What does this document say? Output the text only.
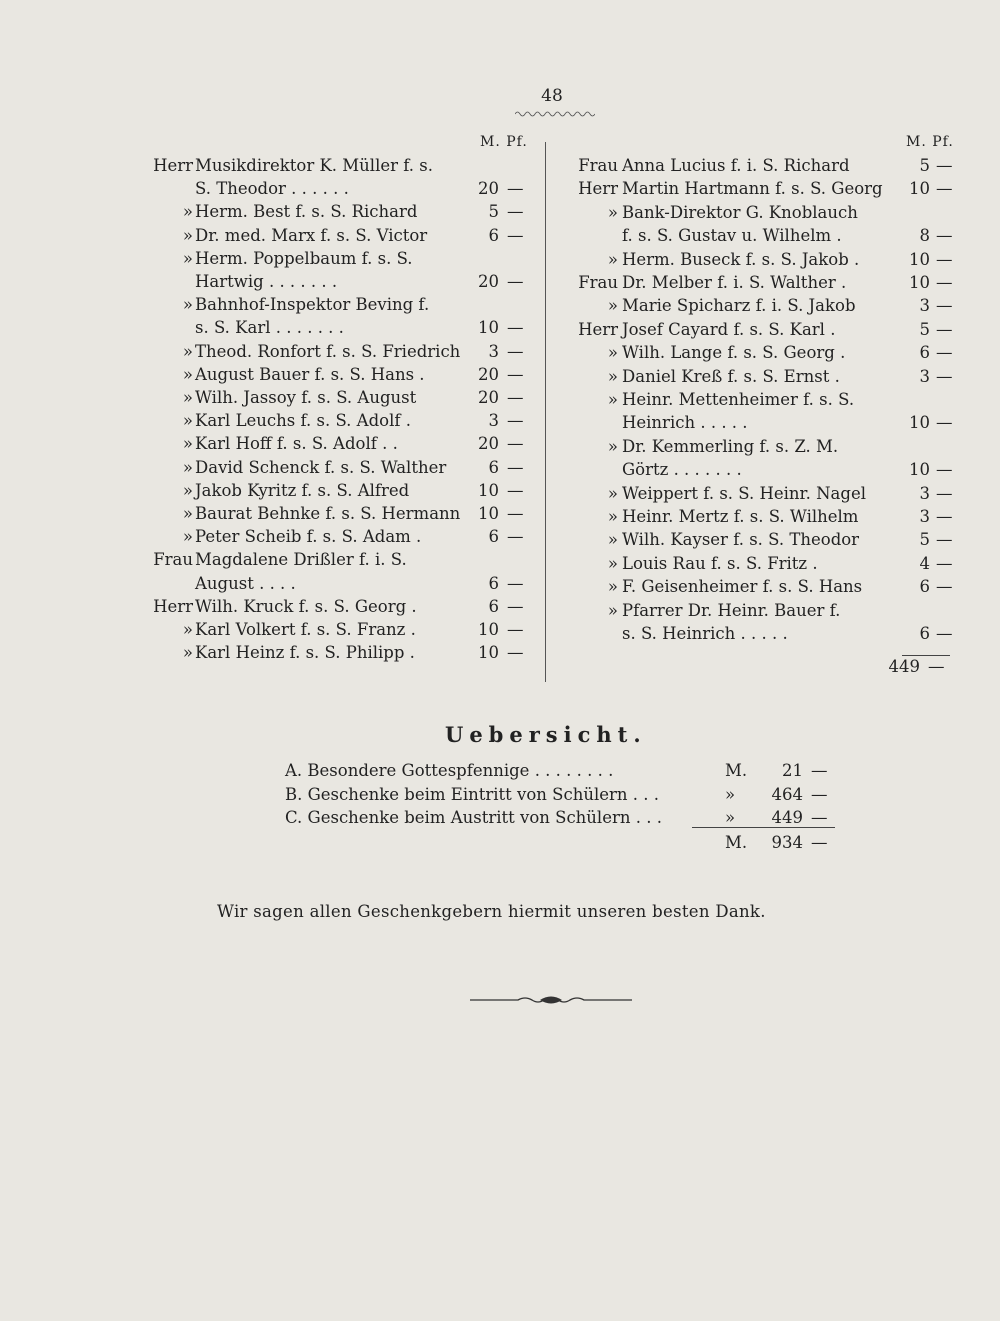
48
M. Pf.	M. Pf.
Herr Musikdirektor K. Müller f. s.
S. Theodor . . . . . .	20 —
» Herm. Best f. s. S. Richard	5 —
» Dr. med. Marx f. s. S. Victor	6 —
» Herm. Poppelbaum f. s. S.
Hartwig . . . . . . .	20 —
» Bahnhof-Inspektor Beving f.
s. S. Karl . . . . . . .	10 —
» Theod. Ronfort f. s. S. Friedrich	3 —
» August Bauer f. s. S. Hans .	20 —
» Wilh. Jassoy f. s. S. August	20 —
» Karl Leuchs f. s. S. Adolf .	3 —
» Karl Hoff f. s. S. Adolf . .	20 —
» David Schenck f. s. S. Walther	6 —
» Jakob Kyritz f. s. S. Alfred	10 —
» Baurat Behnke f. s. S. Hermann	10 —
» Peter Scheib f. s. S. Adam .	6 —
Frau Magdalene Drißler f. i. S.
August . . . .	6 —
Herr Wilh. Kruck f. s. S. Georg .	6 —
» Karl Volkert f. s. S. Franz .	10 —
» Karl Heinz f. s. S. Philipp .	10 —
Frau Anna Lucius f. i. S. Richard	5 —
Herr Martin Hartmann f. s. S. Georg	10 —
» Bank-Direktor G. Knoblauch
f. s. S. Gustav u. Wilhelm .	8 —
» Herm. Buseck f. s. S. Jakob .	10 —
Frau Dr. Melber f. i. S. Walther .	10 —
» Marie Spicharz f. i. S. Jakob	3 —
Herr Josef Cayard f. s. S. Karl .	5 —
» Wilh. Lange f. s. S. Georg .	6 —
» Daniel Kreß f. s. S. Ernst .	3 —
» Heinr. Mettenheimer f. s. S.
Heinrich . . . . .	10 —
» Dr. Kemmerling f. s. Z. M.
Görtz . . . . . . .	10 —
» Weippert f. s. S. Heinr. Nagel	3 —
» Heinr. Mertz f. s. S. Wilhelm	3 —
» Wilh. Kayser f. s. S. Theodor	5 —
» Louis Rau f. s. S. Fritz .	4 —
» F. Geisenheimer f. s. S. Hans	6 —
» Pfarrer Dr. Heinr. Bauer f.
s. S. Heinrich . . . . .	6 —
449 —
Uebersicht.
A. Besondere Gottespfennige . . . . . . . .	M.	21 —
B. Geschenke beim Eintritt von Schülern . . .	»	464 —
C. Geschenke beim Austritt von Schülern . . .	»	449 —
M.	934 —
Wir sagen allen Geschenkgebern hiermit unseren besten Dank.
